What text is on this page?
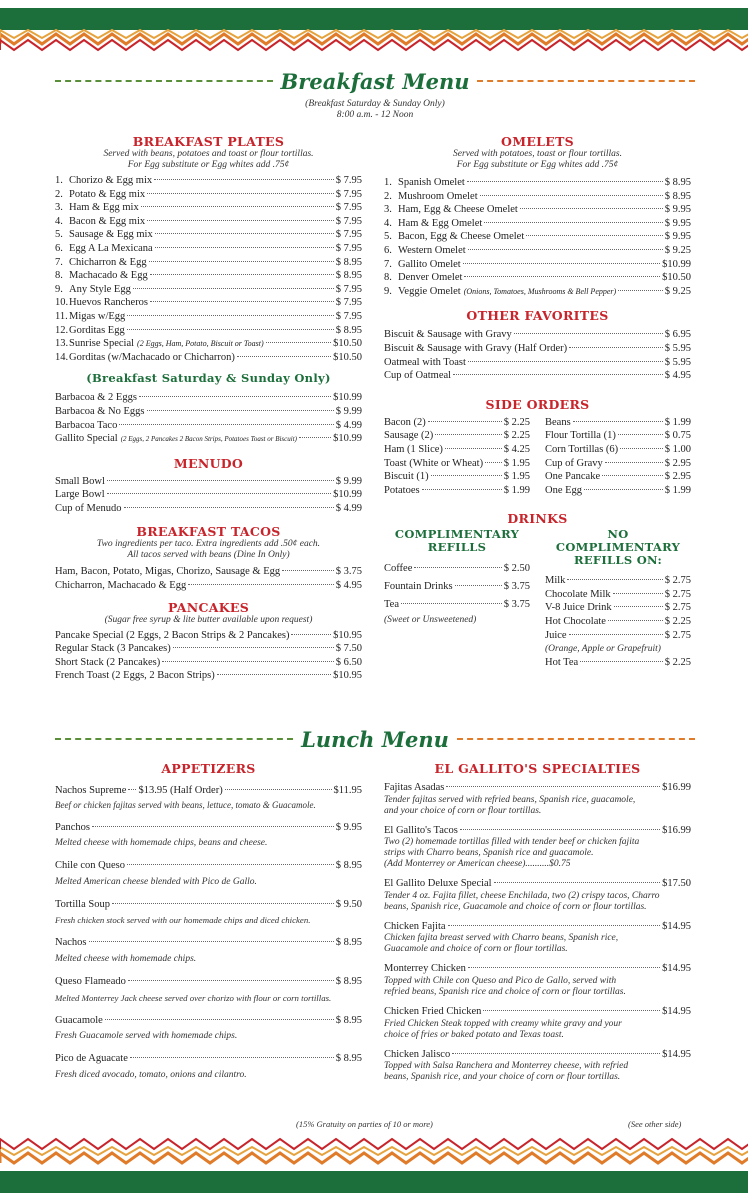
Breakfast Menu
(Breakfast Saturday & Sunday Only)
8:00 a.m. - 12 Noon
BREAKFAST PLATES
Served with beans, potatoes and toast or flour tortillas.
For Egg substitute or Egg whites add .75¢
1. Chorizo & Egg mix	$ 7.95
2. Potato & Egg mix	$ 7.95
3. Ham & Egg mix	$ 7.95
4. Bacon & Egg mix	$ 7.95
5. Sausage & Egg mix	$ 7.95
6. Egg A La Mexicana	$ 7.95
7. Chicharron & Egg	$ 8.95
8. Machacado & Egg	$ 8.95
9. Any Style Egg	$ 7.95
10. Huevos Rancheros	$ 7.95
11. Migas w/Egg	$ 7.95
12. Gorditas Egg	$ 8.95
13. Sunrise Special (2 Eggs, Ham, Potato, Biscuit or Toast)	$10.50
14. Gorditas (w/Machacado or Chicharron)	$10.50
(Breakfast Saturday & Sunday Only)
Barbacoa & 2 Eggs	$10.99
Barbacoa & No Eggs	$ 9.99
Barbacoa Taco	$ 4.99
Gallito Special (2 Eggs, 2 Pancakes 2 Bacon Strips, Potatoes Toast or Biscuit)	$10.99
MENUDO
Small Bowl	$ 9.99
Large Bowl	$10.99
Cup of Menudo	$ 4.99
BREAKFAST TACOS
Two ingredients per taco. Extra ingredients add .50¢ each.
All tacos served with beans (Dine In Only)
Ham, Bacon, Potato, Migas, Chorizo, Sausage & Egg	$ 3.75
Chicharron, Machacado & Egg	$ 4.95
PANCAKES
(Sugar free syrup & lite butter available upon request)
Pancake Special (2 Eggs, 2 Bacon Strips & 2 Pancakes)	$10.95
Regular Stack (3 Pancakes)	$ 7.50
Short Stack (2 Pancakes)	$ 6.50
French Toast (2 Eggs, 2 Bacon Strips)	$10.95
OMELETS
Served with potatoes, toast or flour tortillas.
For Egg substitute or Egg whites add .75¢
1. Spanish Omelet	$ 8.95
2. Mushroom Omelet	$ 8.95
3. Ham, Egg & Cheese Omelet	$ 9.95
4. Ham & Egg Omelet	$ 9.95
5. Bacon, Egg & Cheese Omelet	$ 9.95
6. Western Omelet	$ 9.25
7. Gallito Omelet	$10.99
8. Denver Omelet	$10.50
9. Veggie Omelet (Onions, Tomatoes, Mushrooms & Bell Pepper)	$ 9.25
OTHER FAVORITES
Biscuit & Sausage with Gravy	$ 6.95
Biscuit & Sausage with Gravy (Half Order)	$ 5.95
Oatmeal with Toast	$ 5.95
Cup of Oatmeal	$ 4.95
SIDE ORDERS
Bacon (2)	$ 2.25
Sausage (2)	$ 2.25
Ham (1 Slice)	$ 4.25
Toast (White or Wheat) $ 1.95
Biscuit (1)	$ 1.95
Potatoes	$ 1.99
Beans	$ 1.99
Flour Tortilla (1)	$ 0.75
Corn Tortillas (6)	$ 1.00
Cup of Gravy	$ 2.95
One Pancake	$ 2.95
One Egg	$ 1.99
DRINKS
COMPLIMENTARY
REFILLS
Coffee	$ 2.50
Fountain Drinks	$ 3.75
Tea	$ 3.75
(Sweet or Unsweetened)
NO COMPLIMENTARY
REFILLS ON:
Milk	$ 2.75
Chocolate Milk	$ 2.75
V-8 Juice Drink	$ 2.75
Hot Chocolate	$ 2.25
Juice	$ 2.75
(Orange, Apple or Grapefruit)
Hot Tea	$ 2.25
Lunch Menu
APPETIZERS
Nachos Supreme $13.95 (Half Order)	$11.95
Beef or chicken fajitas served with beans, lettuce, tomato & Guacamole.
Panchos	$ 9.95
Melted cheese with homemade chips, beans and cheese.
Chile con Queso	$ 8.95
Melted American cheese blended with Pico de Gallo.
Tortilla Soup	$ 9.50
Fresh chicken stock served with our homemade chips and diced chicken.
Nachos	$ 8.95
Melted cheese with homemade chips.
Queso Flameado	$ 8.95
Melted Monterrey Jack cheese served over chorizo with flour or corn tortillas.
Guacamole	$ 8.95
Fresh Guacamole served with homemade chips.
Pico de Aguacate	$ 8.95
Fresh diced avocado, tomato, onions and cilantro.
EL GALLITO'S SPECIALTIES
Fajitas Asadas	$16.99
Tender fajitas served with refried beans, Spanish rice, guacamole,
and your choice of corn or flour tortillas.
El Gallito's Tacos	$16.99
Two (2) homemade tortillas filled with tender beef or chicken fajita
strips with Charro beans, Spanish rice and guacamole.
(Add Monterrey or American cheese)..........$0.75
El Gallito Deluxe Special	$17.50
Tender 4 oz. Fajita fillet, cheese Enchilada, two (2) crispy tacos, Charro
beans, Spanish rice, Guacamole and choice of corn or flour tortillas.
Chicken Fajita	$14.95
Chicken fajita breast served with Charro beans, Spanish rice,
Guacamole and choice of corn or flour tortillas.
Monterrey Chicken	$14.95
Topped with Chile con Queso and Pico de Gallo, served with
refried beans, Spanish rice and choice of corn or flour tortillas.
Chicken Fried Chicken	$14.95
Fried Chicken Steak topped with creamy white gravy and your
choice of fries or baked potato and Texas toast.
Chicken Jalisco	$14.95
Topped with Salsa Ranchera and Monterrey cheese, with refried
beans, Spanish rice, and your choice of corn or flour tortillas.
(15% Gratuity on parties of 10 or more)	(See other side)
